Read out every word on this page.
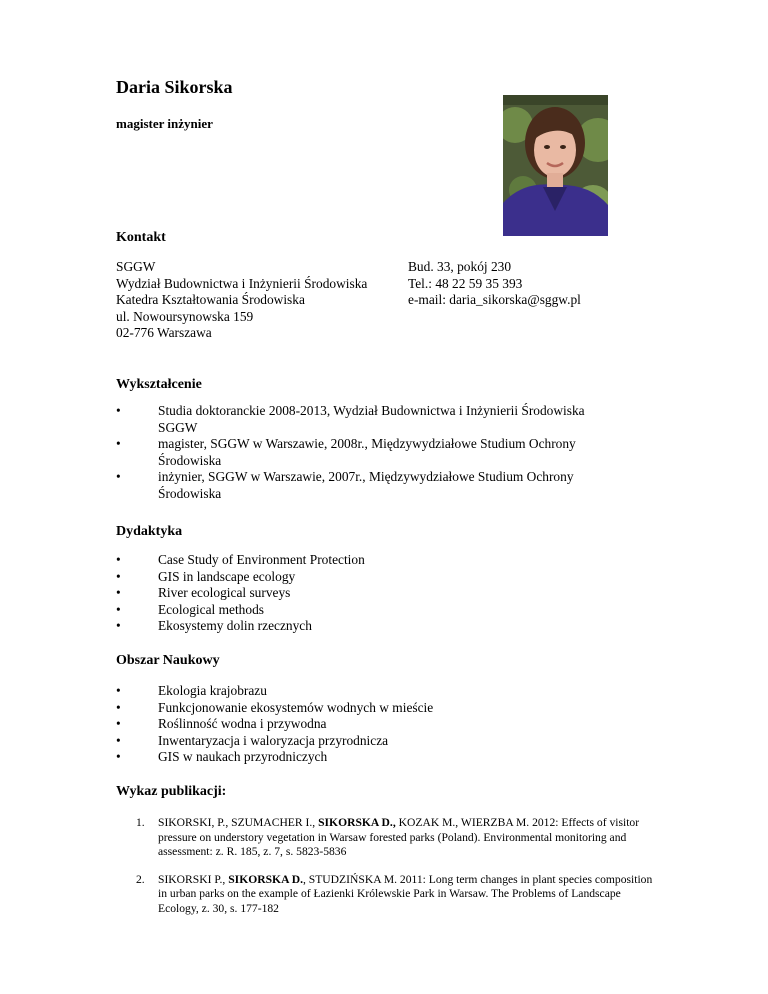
Daria Sikorska

magister inżynier

Kontakt
SGGW
Wydział Budownictwa i Inżynierii Środowiska
Katedra Kształtowania Środowiska
ul. Nowoursynowska 159
02-776 Warszawa
Bud. 33, pokój 230
Tel.: 48 22 59 35 393
e-mail: daria_sikorska@sggw.pl
Wykształcenie
Studia doktoranckie 2008-2013, Wydział Budownictwa i Inżynierii Środowiska SGGW
magister, SGGW w Warszawie, 2008r., Międzywydziałowe Studium Ochrony Środowiska
inżynier, SGGW w Warszawie, 2007r., Międzywydziałowe Studium Ochrony Środowiska
Dydaktyka
Case Study of Environment Protection
GIS in landscape ecology
River ecological surveys
Ecological methods
Ekosystemy dolin rzecznych
Obszar Naukowy
Ekologia krajobrazu
Funkcjonowanie ekosystemów wodnych w mieście
Roślinność wodna i przywodna
Inwentaryzacja i waloryzacja przyrodnicza
GIS w naukach przyrodniczych
Wykaz publikacji:
1. SIKORSKI, P., SZUMACHER I., SIKORSKA D., KOZAK M., WIERZBA M. 2012: Effects of visitor pressure on understory vegetation in Warsaw forested parks (Poland). Environmental monitoring and assessment: z. R. 185, z. 7, s. 5823-5836
2. SIKORSKI P., SIKORSKA D., STUDZIŃSKA M. 2011: Long term changes in plant species composition in urban parks on the example of Łazienki Królewskie Park in Warsaw. The Problems of Landscape Ecology, z. 30, s. 177-182
